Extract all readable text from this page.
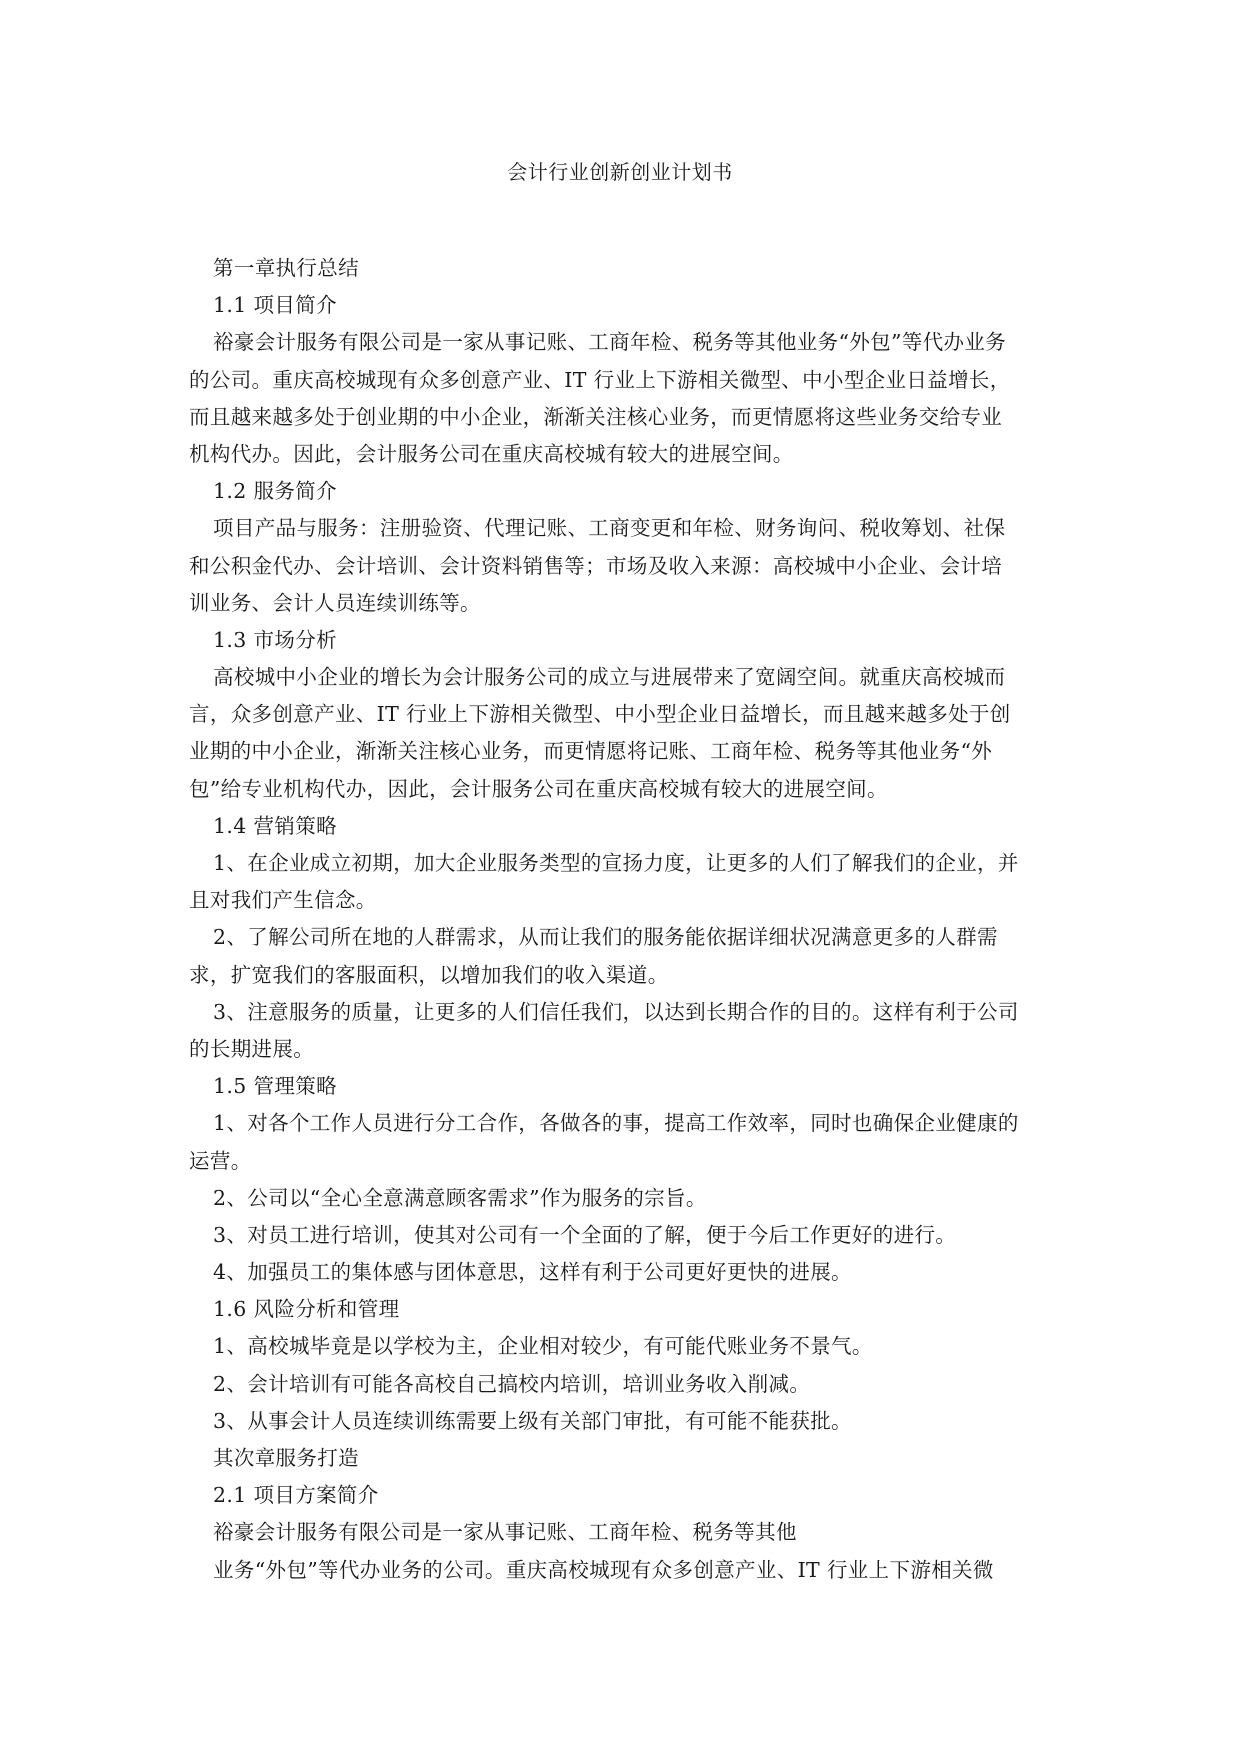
会计行业创新创业计划书
第一章执行总结
1.1 项目简介
裕豪会计服务有限公司是一家从事记账、工商年检、税务等其他业务“外包”等代办业务
的公司。重庆高校城现有众多创意产业、IT 行业上下游相关微型、中小型企业日益增长，
而且越来越多处于创业期的中小企业，渐渐关注核心业务，而更情愿将这些业务交给专业
机构代办。因此，会计服务公司在重庆高校城有较大的进展空间。
1.2 服务简介
项目产品与服务：注册验资、代理记账、工商变更和年检、财务询问、税收筹划、社保
和公积金代办、会计培训、会计资料销售等；市场及收入来源：高校城中小企业、会计培
训业务、会计人员连续训练等。
1.3 市场分析
高校城中小企业的增长为会计服务公司的成立与进展带来了宽阔空间。就重庆高校城而
言，众多创意产业、IT 行业上下游相关微型、中小型企业日益增长，而且越来越多处于创
业期的中小企业，渐渐关注核心业务，而更情愿将记账、工商年检、税务等其他业务“外
包”给专业机构代办，因此，会计服务公司在重庆高校城有较大的进展空间。
1.4 营销策略
1、在企业成立初期，加大企业服务类型的宣扬力度，让更多的人们了解我们的企业，并
且对我们产生信念。
2、了解公司所在地的人群需求，从而让我们的服务能依据详细状况满意更多的人群需
求，扩宽我们的客服面积，以增加我们的收入渠道。
3、注意服务的质量，让更多的人们信任我们，以达到长期合作的目的。这样有利于公司
的长期进展。
1.5 管理策略
1、对各个工作人员进行分工合作，各做各的事，提高工作效率，同时也确保企业健康的
运营。
2、公司以“全心全意满意顾客需求”作为服务的宗旨。
3、对员工进行培训，使其对公司有一个全面的了解，便于今后工作更好的进行。
4、加强员工的集体感与团体意思，这样有利于公司更好更快的进展。
1.6 风险分析和管理
1、高校城毕竟是以学校为主，企业相对较少，有可能代账业务不景气。
2、会计培训有可能各高校自己搞校内培训，培训业务收入削减。
3、从事会计人员连续训练需要上级有关部门审批，有可能不能获批。
其次章服务打造
2.1 项目方案简介
裕豪会计服务有限公司是一家从事记账、工商年检、税务等其他
业务“外包”等代办业务的公司。重庆高校城现有众多创意产业、IT 行业上下游相关微
